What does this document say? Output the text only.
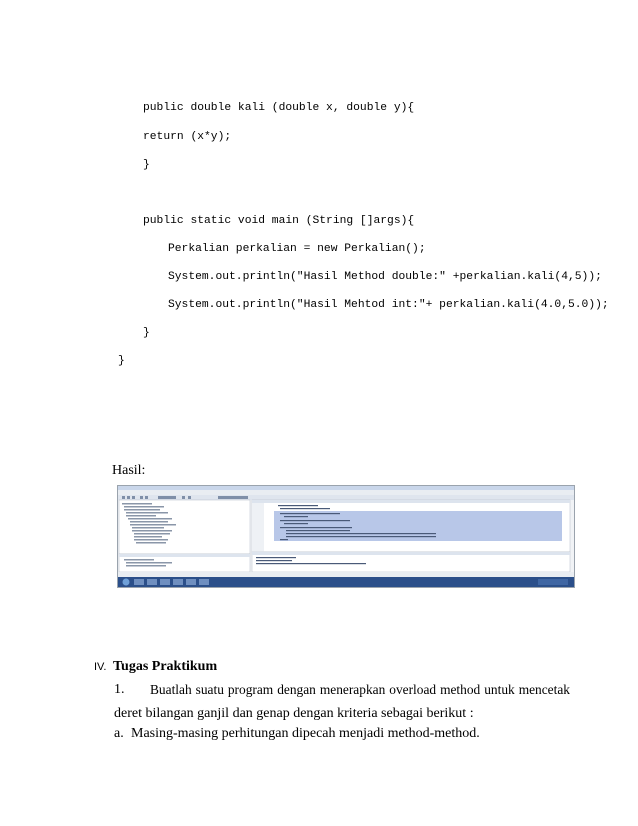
public double kali (double x, double y){
return (x*y);
}
public static void main (String []args){
Perkalian perkalian = new Perkalian();
System.out.println("Hasil Method double:" +perkalian.kali(4,5));
System.out.println("Hasil Mehtod int:"+ perkalian.kali(4.0,5.0));
}
}
Hasil:
IV. Tugas Praktikum
1. Buatlah suatu program dengan menerapkan overload method untuk mencetak
deret bilangan ganjil dan genap dengan kriteria sebagai berikut :
a. Masing-masing perhitungan dipecah menjadi method-method.
